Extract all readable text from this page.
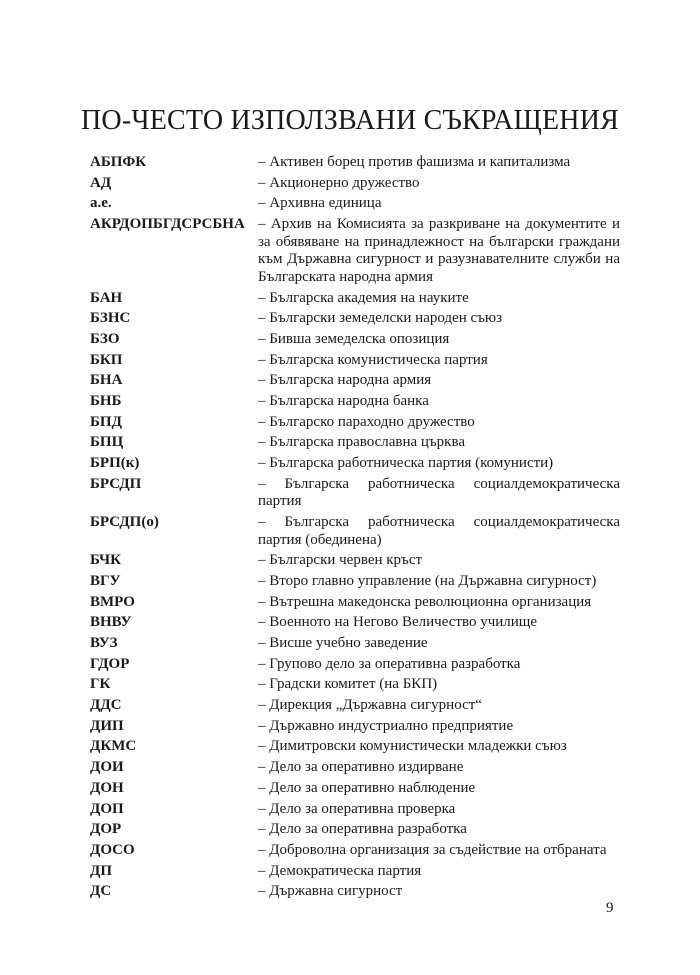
ПО-ЧЕСТО ИЗПОЛЗВАНИ СЪКРАЩЕНИЯ
АБПФК	– Активен борец против фашизма и капитализма
АД	– Акционерно дружество
а.е.	– Архивна единица
АКРДОПБГДСРСБНА – Архив на Комисията за разкриване на документите и за обявяване на принадлежност на български граждани към Държавна сигурност и разузнавателните служби на Българската народна армия
БАН	– Българска академия на науките
БЗНС	– Български земеделски народен съюз
БЗО	– Бивша земеделска опозиция
БКП	– Българска комунистическа партия
БНА	– Българска народна армия
БНБ	– Българска народна банка
БПД	– Българско параходно дружество
БПЦ	– Българска православна църква
БРП(к)	– Българска работническа партия (комунисти)
БРСДП	– Българска работническа социалдемократическа партия
БРСДП(о)	– Българска работническа социалдемократическа партия (обединена)
БЧК	– Български червен кръст
ВГУ	– Второ главно управление (на Държавна сигурност)
ВМРО	– Вътрешна македонска революционна организация
ВНВУ	– Военното на Негово Величество училище
ВУЗ	– Висше учебно заведение
ГДОР	– Групово дело за оперативна разработка
ГК	– Градски комитет (на БКП)
ДДС	– Дирекция „Държавна сигурност“
ДИП	– Държавно индустриално предприятие
ДКМС	– Димитровски комунистически младежки съюз
ДОИ	– Дело за оперативно издирване
ДОН	– Дело за оперативно наблюдение
ДОП	– Дело за оперативна проверка
ДОР	– Дело за оперативна разработка
ДОСО	– Доброволна организация за съдействие на отбраната
ДП	– Демократическа партия
ДС	– Държавна сигурност
9
